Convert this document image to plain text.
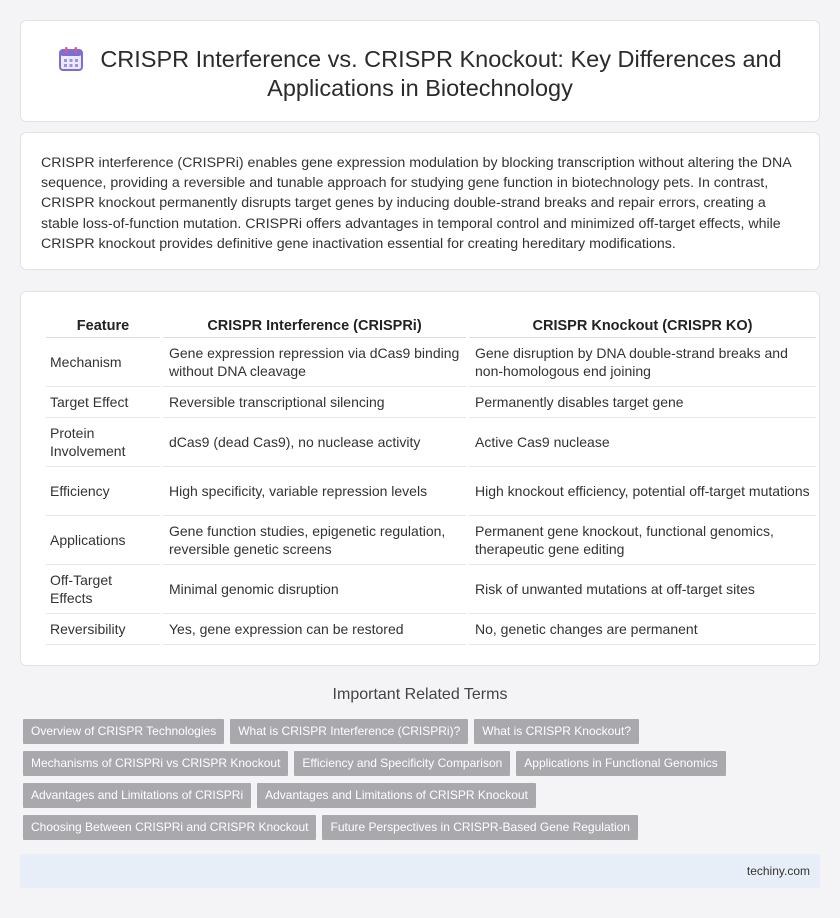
CRISPR Interference vs. CRISPR Knockout: Key Differences and Applications in Biotechnology

CRISPR interference (CRISPRi) enables gene expression modulation by blocking transcription without altering the DNA sequence, providing a reversible and tunable approach for studying gene function in biotechnology pets. In contrast, CRISPR knockout permanently disrupts target genes by inducing double-strand breaks and repair errors, creating a stable loss-of-function mutation. CRISPRi offers advantages in temporal control and minimized off-target effects, while CRISPR knockout provides definitive gene inactivation essential for creating hereditary modifications.

Feature	CRISPR Interference (CRISPRi)	CRISPR Knockout (CRISPR KO)
Mechanism	Gene expression repression via dCas9 binding without DNA cleavage	Gene disruption by DNA double-strand breaks and non-homologous end joining
Target Effect	Reversible transcriptional silencing	Permanently disables target gene
Protein Involvement	dCas9 (dead Cas9), no nuclease activity	Active Cas9 nuclease
Efficiency	High specificity, variable repression levels	High knockout efficiency, potential off-target mutations
Applications	Gene function studies, epigenetic regulation, reversible genetic screens	Permanent gene knockout, functional genomics, therapeutic gene editing
Off-Target Effects	Minimal genomic disruption	Risk of unwanted mutations at off-target sites
Reversibility	Yes, gene expression can be restored	No, genetic changes are permanent
Important Related Terms
Overview of CRISPR Technologies	What is CRISPR Interference (CRISPRi)?	What is CRISPR Knockout?
Mechanisms of CRISPRi vs CRISPR Knockout	Efficiency and Specificity Comparison	Applications in Functional Genomics
Advantages and Limitations of CRISPRi	Advantages and Limitations of CRISPR Knockout
Choosing Between CRISPRi and CRISPR Knockout	Future Perspectives in CRISPR-Based Gene Regulation
techiny.com
